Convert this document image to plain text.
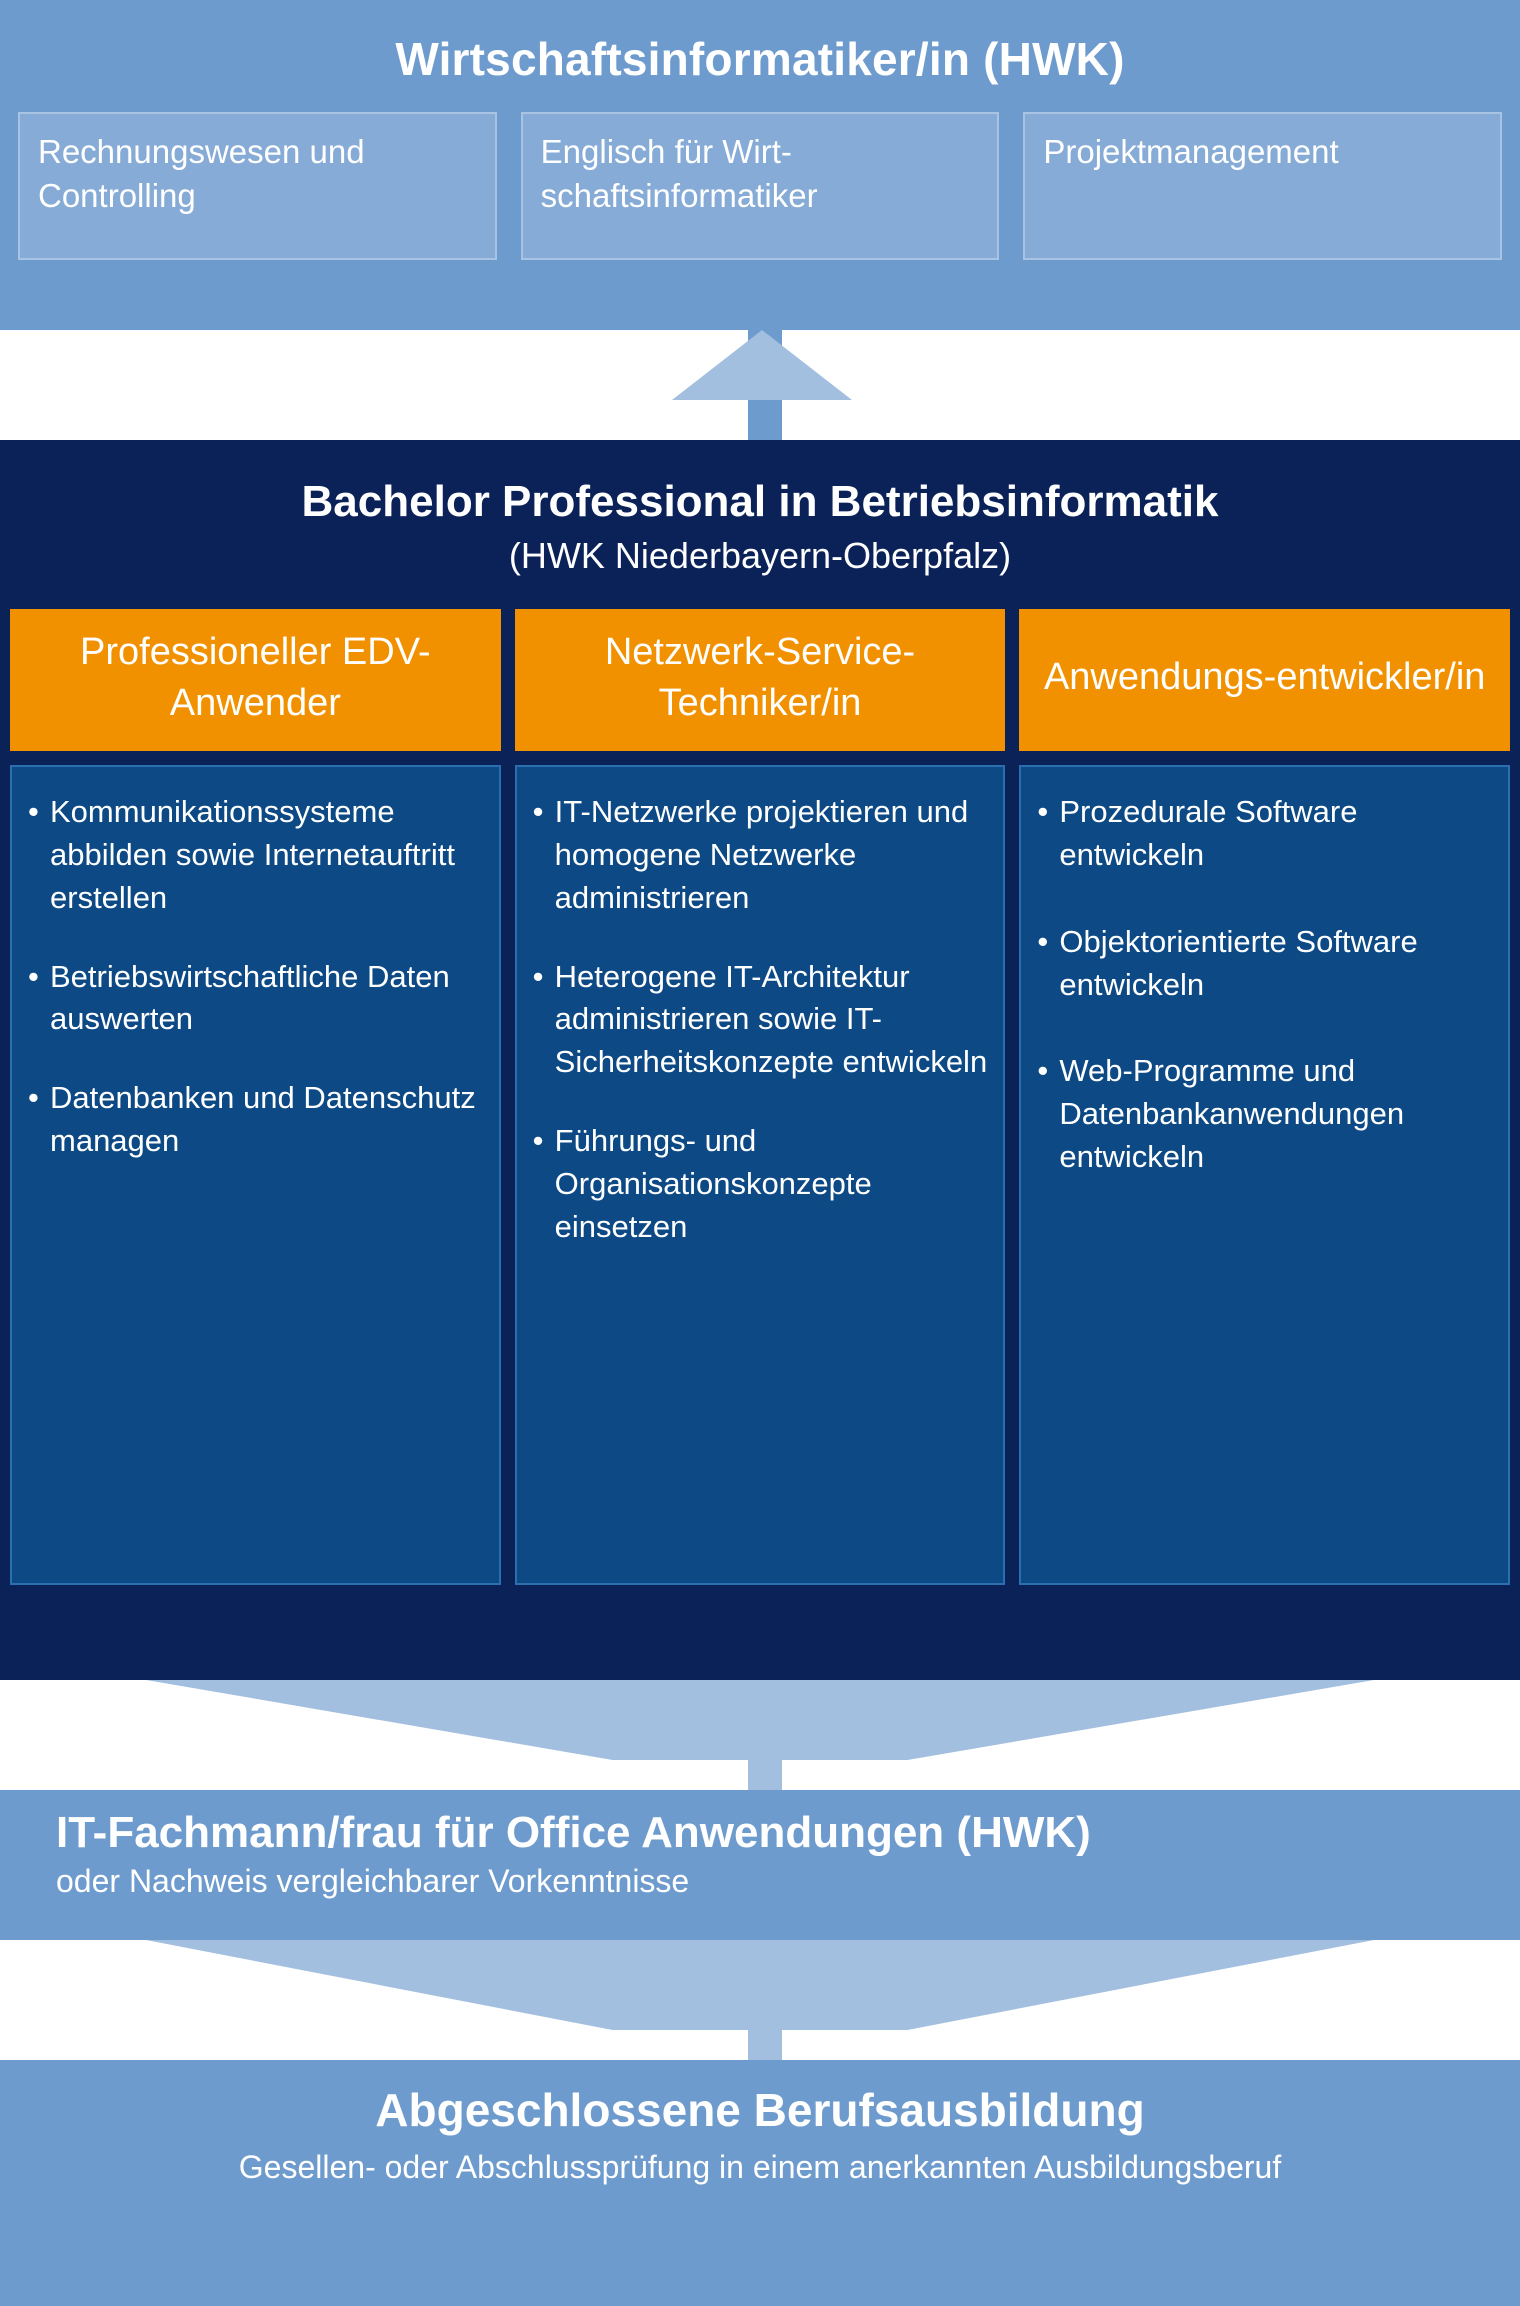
Wirtschaftsinformatiker/in (HWK)
Rechnungswesen und Controlling
Englisch für Wirt-schaftsinformatiker
Projektmanagement
Bachelor Professional in Betriebsinformatik
(HWK Niederbayern-Oberpfalz)
Professioneller EDV-Anwender
Netzwerk-Service-Techniker/in
Anwendungs-entwickler/in
• Kommunikationssysteme abbilden sowie Internetauftritt erstellen
• Betriebswirtschaftliche Daten auswerten
• Datenbanken und Datenschutz managen
• IT-Netzwerke projektieren und homogene Netzwerke administrieren
• Heterogene IT-Architektur administrieren sowie IT-Sicherheitskonzepte entwickeln
• Führungs- und Organisationskonzepte einsetzen
• Prozedurale Software entwickeln
• Objektorientierte Software entwickeln
• Web-Programme und Datenbankanwendungen entwickeln
IT-Fachmann/frau für Office Anwendungen (HWK)
oder Nachweis vergleichbarer Vorkenntnisse
Abgeschlossene Berufsausbildung
Gesellen- oder Abschlussprüfung in einem anerkannten Ausbildungsberuf
